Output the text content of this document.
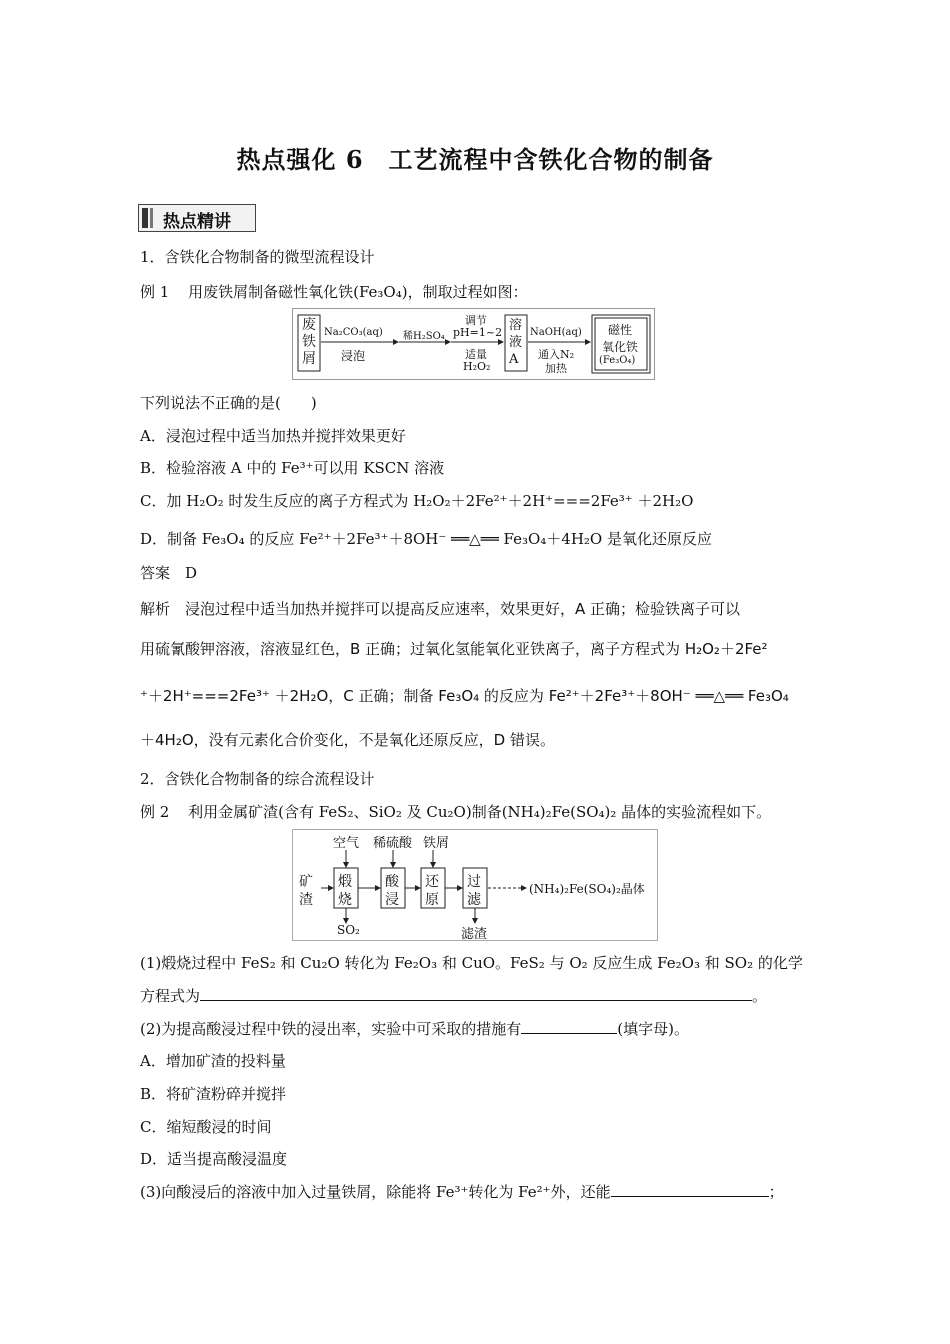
热点强化 6　工艺流程中含铁化合物的制备
热点精讲
1．含铁化合物制备的微型流程设计
例 1 用废铁屑制备磁性氧化铁(Fe₃O₄)，制取过程如图：
废铁屑
Na₂CO₃(aq)
浸泡
稀H₂SO₄
调节
pH=1~2
适量
H₂O₂
溶液A
NaOH(aq)
通入N₂
加热
磁性
氧化铁
(Fe₃O₄)
下列说法不正确的是(　　)
A．浸泡过程中适当加热并搅拌效果更好
B．检验溶液 A 中的 Fe³⁺可以用 KSCN 溶液
C．加 H₂O₂ 时发生反应的离子方程式为 H₂O₂＋2Fe²⁺＋2H⁺===2Fe³⁺ ＋2H₂O
D．制备 Fe₃O₄ 的反应 Fe²⁺＋2Fe³⁺＋8OH⁻ ══△══ Fe₃O₄＋4H₂O 是氧化还原反应
答案　D
解析　浸泡过程中适当加热并搅拌可以提高反应速率，效果更好，A 正确；检验铁离子可以
用硫氰酸钾溶液，溶液显红色，B 正确；过氧化氢能氧化亚铁离子，离子方程式为 H₂O₂＋2Fe²
⁺＋2H⁺===2Fe³⁺ ＋2H₂O，C 正确；制备 Fe₃O₄ 的反应为 Fe²⁺＋2Fe³⁺＋8OH⁻ ══△══ Fe₃O₄
＋4H₂O，没有元素化合价变化，不是氧化还原反应，D 错误。
2．含铁化合物制备的综合流程设计
例 2 利用金属矿渣(含有 FeS₂、SiO₂ 及 Cu₂O)制备(NH₄)₂Fe(SO₄)₂ 晶体的实验流程如下。
空气 稀硫酸 铁屑
矿
渣
煅
烧
酸
浸
还
原
过
滤
SO₂	滤渣
(NH₄)₂Fe(SO₄)₂晶体
(1)煅烧过程中 FeS₂ 和 Cu₂O 转化为 Fe₂O₃ 和 CuO。FeS₂ 与 O₂ 反应生成 Fe₂O₃ 和 SO₂ 的化学
方程式为	。
(2)为提高酸浸过程中铁的浸出率，实验中可采取的措施有	(填字母)。
A．增加矿渣的投料量
B．将矿渣粉碎并搅拌
C．缩短酸浸的时间
D．适当提高酸浸温度
(3)向酸浸后的溶液中加入过量铁屑，除能将 Fe³⁺转化为 Fe²⁺外，还能	；
